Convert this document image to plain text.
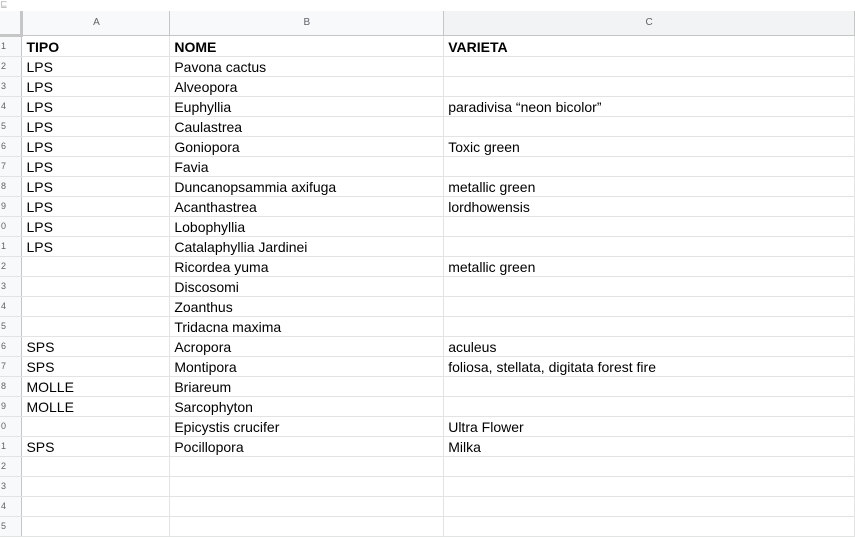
⊑
	A	B	C
1	TIPO	NOME	VARIETA
2	LPS	Pavona cactus	
3	LPS	Alveopora	
4	LPS	Euphyllia	paradivisa “neon bicolor”
5	LPS	Caulastrea	
6	LPS	Goniopora	Toxic green
7	LPS	Favia	
8	LPS	Duncanopsammia axifuga	metallic green
9	LPS	Acanthastrea	lordhowensis
0	LPS	Lobophyllia	
1	LPS	Catalaphyllia Jardinei	
2		Ricordea yuma	metallic green
3		Discosomi	
4		Zoanthus	
5		Tridacna maxima	
6	SPS	Acropora	aculeus
7	SPS	Montipora	foliosa, stellata, digitata forest fire
8	MOLLE	Briareum	
9	MOLLE	Sarcophyton	
0		Epicystis crucifer	Ultra Flower
1	SPS	Pocillopora	Milka
2			
3			
4			
5			
